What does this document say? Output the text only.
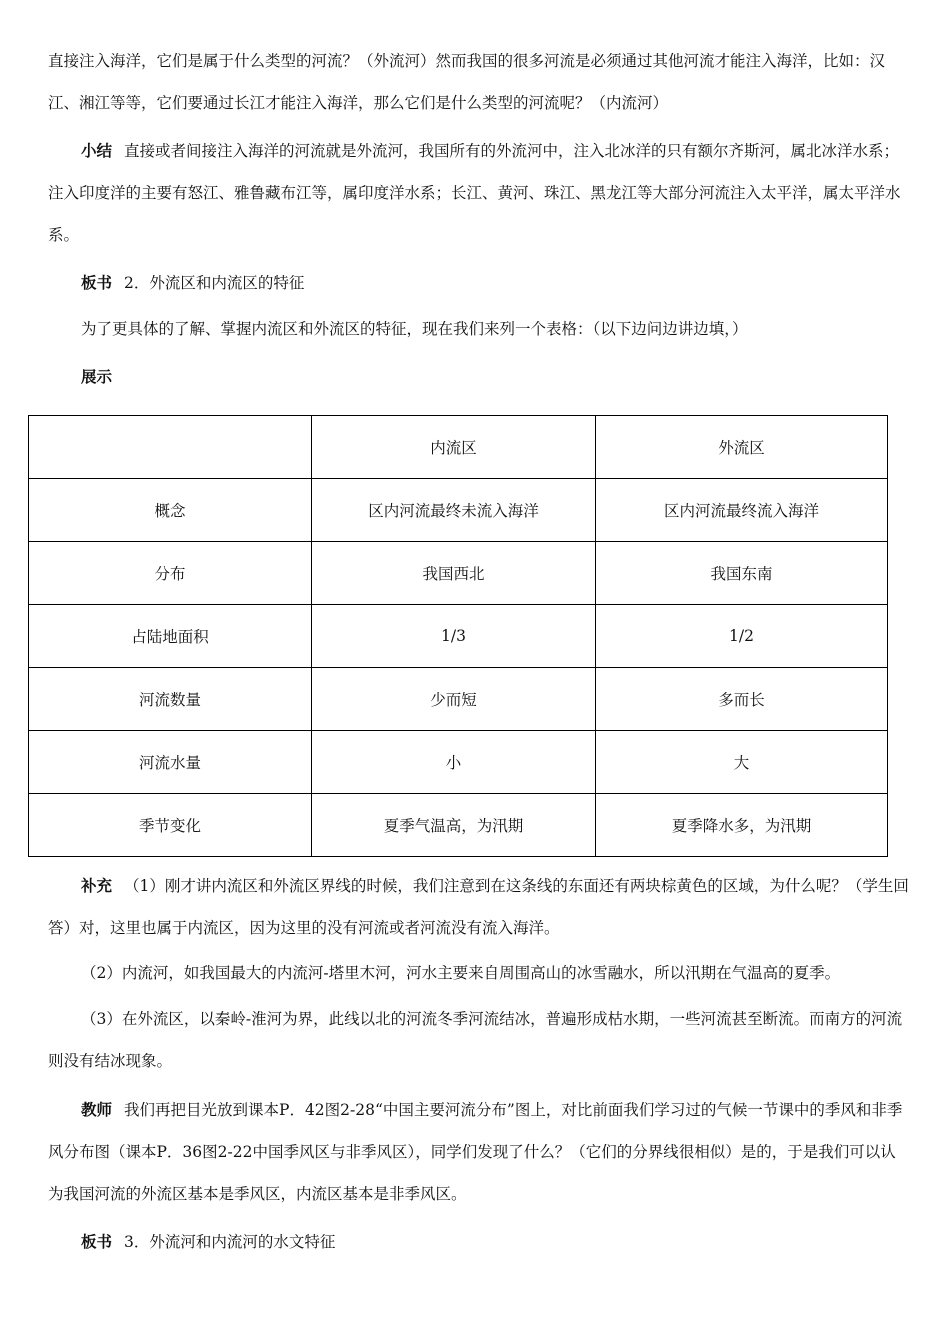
直接注入海洋，它们是属于什么类型的河流？（外流河）然而我国的很多河流是必须通过其他河流才能注入海洋，比如：汉江、湘江等等，它们要通过长江才能注入海洋，那么它们是什么类型的河流呢？（内流河）

小结 直接或者间接注入海洋的河流就是外流河，我国所有的外流河中，注入北冰洋的只有额尔齐斯河，属北冰洋水系；注入印度洋的主要有怒江、雅鲁藏布江等，属印度洋水系；长江、黄河、珠江、黑龙江等大部分河流注入太平洋，属太平洋水系。

板书 2．外流区和内流区的特征

为了更具体的了解、掌握内流区和外流区的特征，现在我们来列一个表格：（以下边问边讲边填，）

展示

	内流区	外流区
概念	区内河流最终未流入海洋	区内河流最终流入海洋
分布	我国西北	我国东南
占陆地面积	1/3	1/2
河流数量	少而短	多而长
河流水量	小	大
季节变化	夏季气温高，为汛期	夏季降水多，为汛期

补充 （1）刚才讲内流区和外流区界线的时候，我们注意到在这条线的东面还有两块棕黄色的区域，为什么呢？（学生回答）对，这里也属于内流区，因为这里的没有河流或者河流没有流入海洋。

（2）内流河，如我国最大的内流河-塔里木河，河水主要来自周围高山的冰雪融水，所以汛期在气温高的夏季。

（3）在外流区，以秦岭-淮河为界，此线以北的河流冬季河流结冰，普遍形成枯水期，一些河流甚至断流。而南方的河流则没有结冰现象。

教师 我们再把目光放到课本P．42图2-28“中国主要河流分布”图上，对比前面我们学习过的气候一节课中的季风和非季风分布图（课本P．36图2-22中国季风区与非季风区），同学们发现了什么？（它们的分界线很相似）是的，于是我们可以认为我国河流的外流区基本是季风区，内流区基本是非季风区。

板书 3．外流河和内流河的水文特征
